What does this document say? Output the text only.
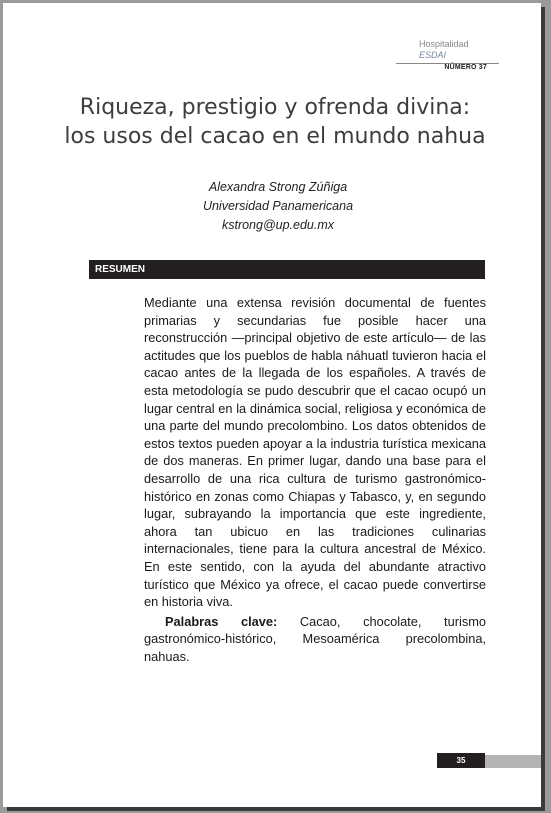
Hospitalidad
ESDAI
NÚMERO 37
Riqueza, prestigio y ofrenda divina: los usos del cacao en el mundo nahua
Alexandra Strong Zúñiga
Universidad Panamericana
kstrong@up.edu.mx
RESUMEN

Mediante una extensa revisión documental de fuentes primarias y secundarias fue posible hacer una reconstrucción —principal objetivo de este artículo— de las actitudes que los pueblos de habla náhuatl tuvieron hacia el cacao antes de la llegada de los españoles. A través de esta metodología se pudo descubrir que el cacao ocupó un lugar central en la dinámica social, religiosa y económica de una parte del mundo precolombino. Los datos obtenidos de estos textos pueden apoyar a la industria turística mexicana de dos maneras. En primer lugar, dando una base para el desarrollo de una rica cultura de turismo gastronómico-histórico en zonas como Chiapas y Tabasco, y, en segundo lugar, subrayando la importancia que este ingrediente, ahora tan ubicuo en las tradiciones culinarias internacionales, tiene para la cultura ancestral de México. En este sentido, con la ayuda del abundante atractivo turístico que México ya ofrece, el cacao puede convertirse en historia viva.

Palabras clave: Cacao, chocolate, turismo gastronómico-histórico, Mesoamérica precolombina, nahuas.

35
